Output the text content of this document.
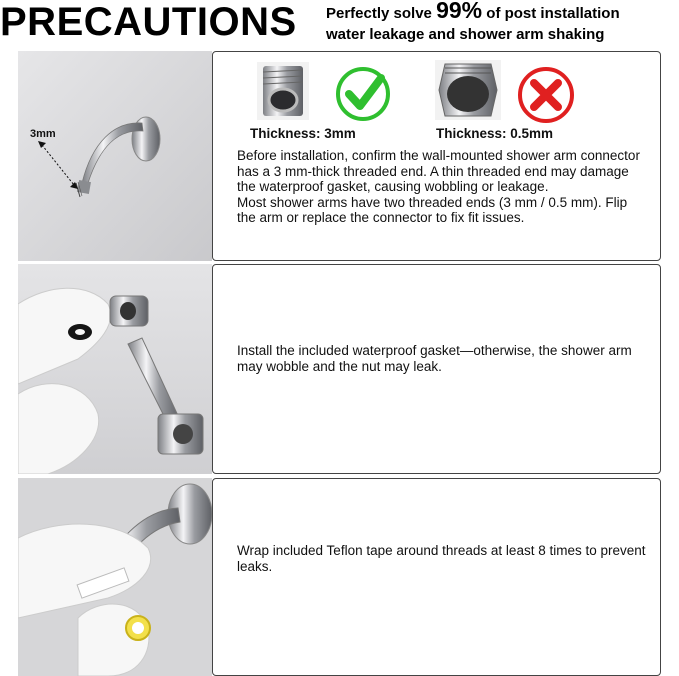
PRECAUTIONS Perfectly solve 99% of post installation
water leakage and shower arm shaking
3mm	Thickness: 3mm	Thickness: 0.5mm
Before installation, confirm the wall-mounted shower arm connector has a 3 mm-thick threaded end. A thin threaded end may damage the waterproof gasket, causing wobbling or leakage.
Most shower arms have two threaded ends (3 mm / 0.5 mm). Flip the arm or replace the connector to fix fit issues.
Install the included waterproof gasket—otherwise, the shower arm may wobble and the nut may leak.
Wrap included Teflon tape around threads at least 8 times to prevent leaks.
